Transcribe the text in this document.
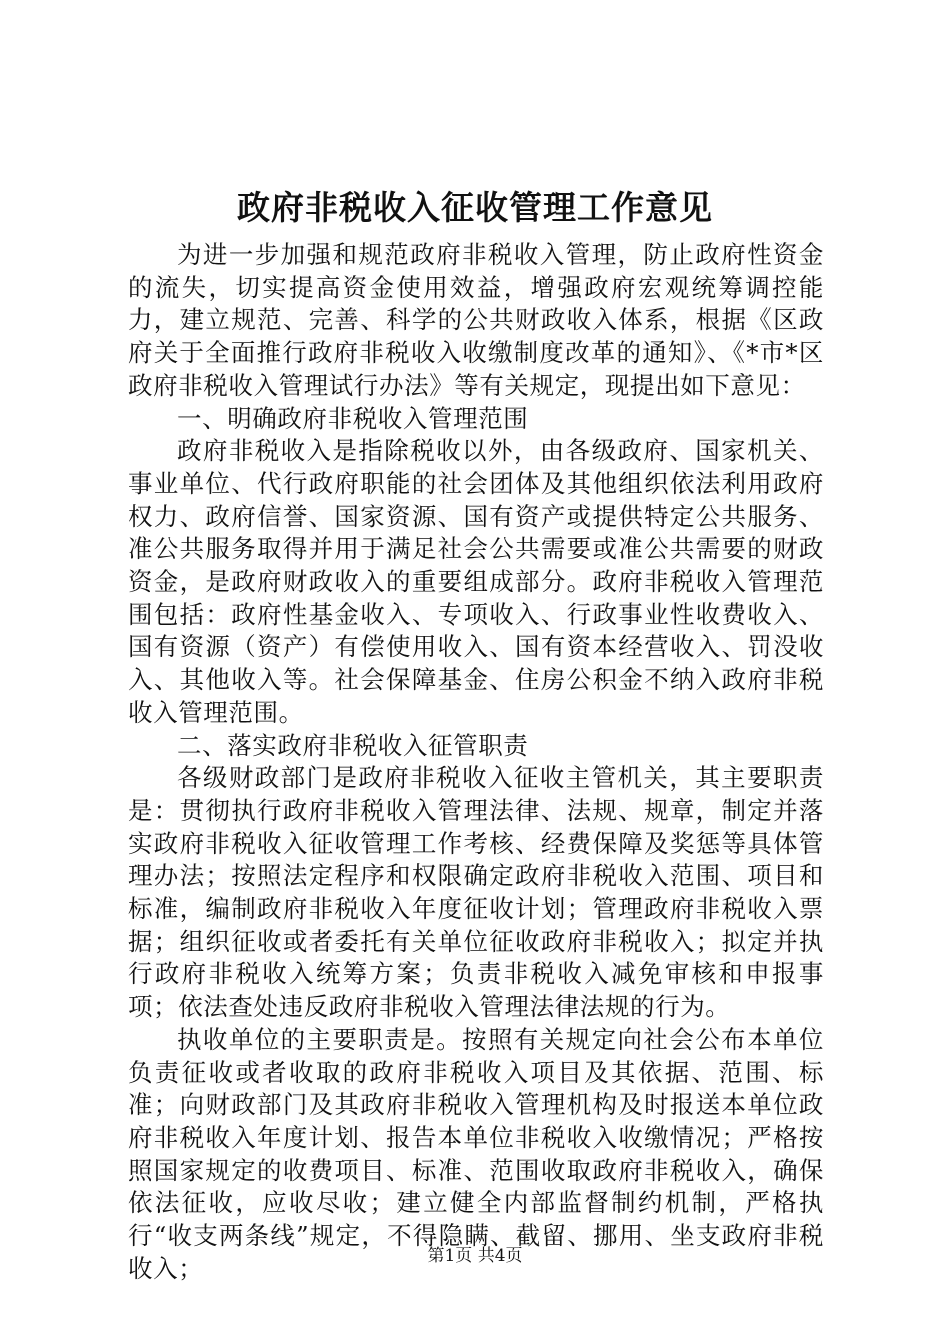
政府非税收入征收管理工作意见

为进一步加强和规范政府非税收入管理，防止政府性资金的流失，切实提高资金使用效益，增强政府宏观统筹调控能力，建立规范、完善、科学的公共财政收入体系，根据《区政府关于全面推行政府非税收入收缴制度改革的通知》、《*市*区政府非税收入管理试行办法》等有关规定，现提出如下意见：

一、明确政府非税收入管理范围

政府非税收入是指除税收以外，由各级政府、国家机关、事业单位、代行政府职能的社会团体及其他组织依法利用政府权力、政府信誉、国家资源、国有资产或提供特定公共服务、准公共服务取得并用于满足社会公共需要或准公共需要的财政资金，是政府财政收入的重要组成部分。政府非税收入管理范围包括：政府性基金收入、专项收入、行政事业性收费收入、国有资源（资产）有偿使用收入、国有资本经营收入、罚没收入、其他收入等。社会保障基金、住房公积金不纳入政府非税收入管理范围。

二、落实政府非税收入征管职责

各级财政部门是政府非税收入征收主管机关，其主要职责是：贯彻执行政府非税收入管理法律、法规、规章，制定并落实政府非税收入征收管理工作考核、经费保障及奖惩等具体管理办法；按照法定程序和权限确定政府非税收入范围、项目和标准，编制政府非税收入年度征收计划；管理政府非税收入票据；组织征收或者委托有关单位征收政府非税收入；拟定并执行政府非税收入统筹方案；负责非税收入减免审核和申报事项；依法查处违反政府非税收入管理法律法规的行为。

执收单位的主要职责是。按照有关规定向社会公布本单位负责征收或者收取的政府非税收入项目及其依据、范围、标准；向财政部门及其政府非税收入管理机构及时报送本单位政府非税收入年度计划、报告本单位非税收入收缴情况；严格按照国家规定的收费项目、标准、范围收取政府非税收入，确保依法征收，应收尽收；建立健全内部监督制约机制，严格执行“收支两条线”规定，不得隐瞒、截留、挪用、坐支政府非税收入；	第1页 共4页
